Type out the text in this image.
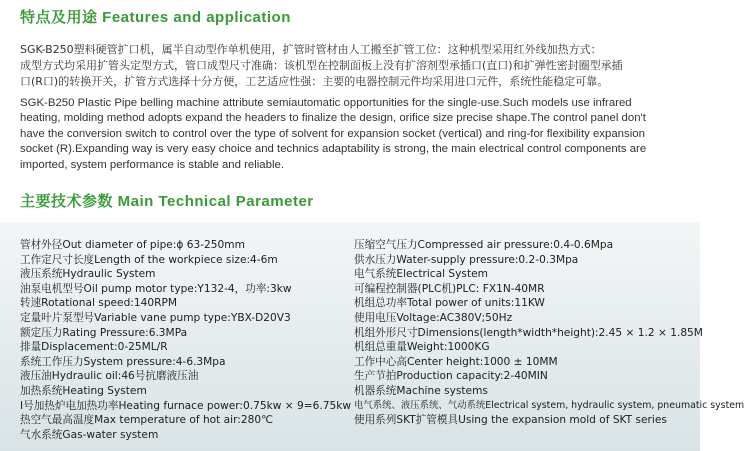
特点及用途 Features and application

SGK-B250塑料硬管扩口机，属半自动型作单机使用，扩管时管材由人工搬至扩管工位：这种机型采用红外线加热方式：

成型方式均采用扩管头定型方式，管口成型尺寸准确：该机型在控制面板上没有扩溶剂型承插口(直口)和扩弹性密封圈型承插

口(R口)的转换开关，扩管方式选择十分方便，工艺适应性强：主要的电器控制元件均采用进口元件，系统性能稳定可靠。

SGK-B250 Plastic Pipe belling machine attribute semiautomatic opportunities for the single-use.Such models use infrared

heating, molding method adopts expand the headers to finalize the design, orifice size precise shape.The control panel don't

have the conversion switch to control over the type of solvent for expansion socket (vertical) and ring-for flexibility expansion

socket (R).Expanding way is very easy choice and technics adaptability is strong, the main electrical control components are

imported, system performance is stable and reliable.

主要技术参数 Main Technical Parameter
管材外径Out diameter of pipe:ϕ 63-250mm
工作定尺寸长度Length of the workpiece size:4-6m
液压系统Hydraulic System
油泵电机型号Oil pump motor type:Y132-4，功率:3kw
转速Rotational speed:140RPM
定量叶片泵型号Variable vane pump type:YBX-D20V3
额定压力Rating Pressure:6.3MPa
排量Displacement:0-25ML/R
系统工作压力System pressure:4-6.3Mpa
液压油Hydraulic oil:46号抗磨液压油
加热系统Heating System
I号加热炉电加热功率Heating furnace power:0.75kw × 9=6.75kw
热空气最高温度Max temperature of hot air:280℃
气水系统Gas-water system
压缩空气压力Compressed air pressure:0.4-0.6Mpa
供水压力Water-supply pressure:0.2-0.3Mpa
电气系统Electrical System
可编程控制器(PLC机)PLC: FX1N-40MR
机组总功率Total power of units:11KW
使用电压Voltage:AC380V;50Hz
机组外形尺寸Dimensions(length*width*height):2.45 × 1.2 × 1.85M
机组总重量Weight:1000KG
工作中心高Center height:1000 ± 10MM
生产节拍Production capacity:2-40MIN
机器系统Machine systems
电气系统、液压系统、气动系统Electrical system, hydraulic system, pneumatic system
使用系列SKT扩管模具Using the expansion mold of SKT series
